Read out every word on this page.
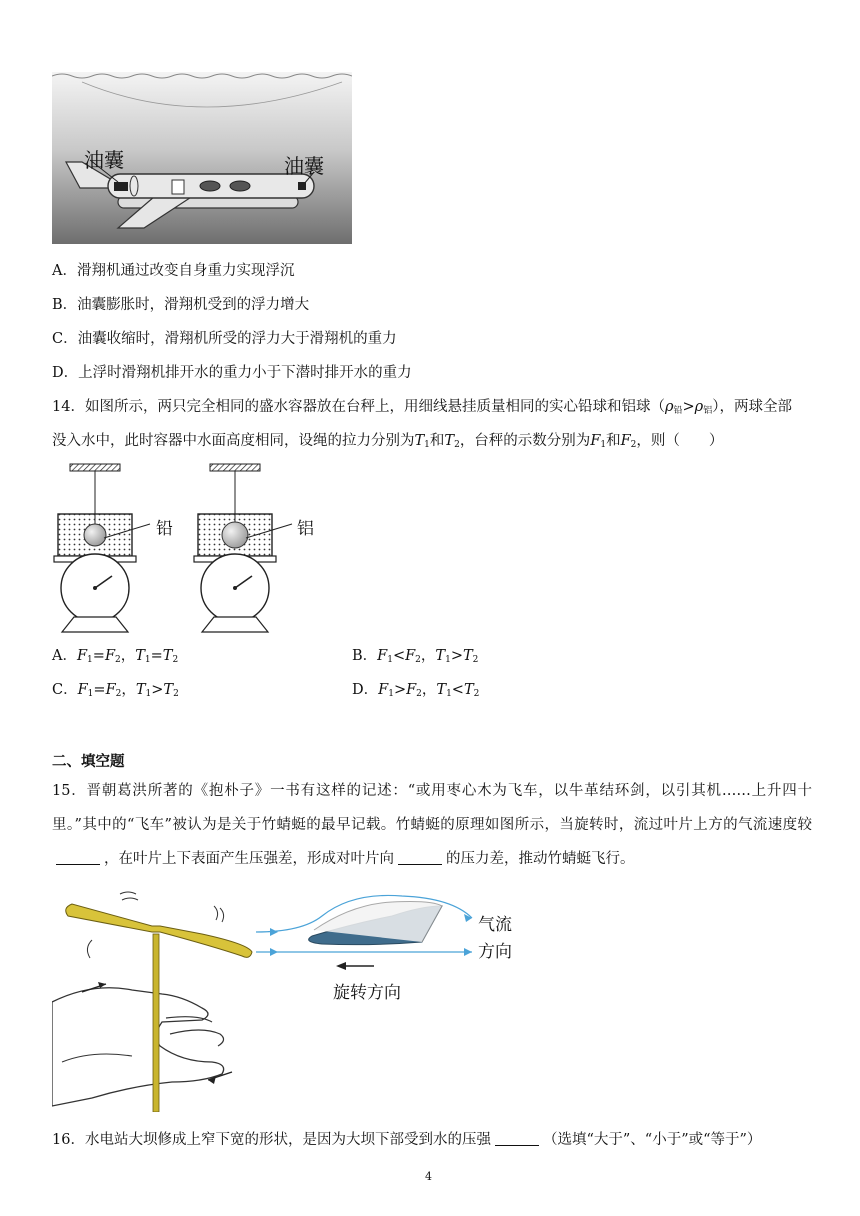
油囊	油囊
A．滑翔机通过改变自身重力实现浮沉
B．油囊膨胀时，滑翔机受到的浮力增大
C．油囊收缩时，滑翔机所受的浮力大于滑翔机的重力
D．上浮时滑翔机排开水的重力小于下潜时排开水的重力
14．如图所示，两只完全相同的盛水容器放在台秤上，用细线悬挂质量相同的实心铅球和铝球$(\rho_铅>\rho_铝)$，两球全部
没入水中，此时容器中水面高度相同，设绳的拉力分别为$T_1$和$T_2$，台秤的示数分别为$F_1$和$F_2$，则（　　）
铅	铝
A．$F_1=F_2$，$T_1=T_2$	B．$F_1<F_2$，$T_1>T_2$
C．$F_1=F_2$，$T_1>T_2$	D．$F_1>F_2$，$T_1<T_2$
二、填空题
15．晋朝葛洪所著的《抱朴子》一书有这样的记述：“或用枣心木为飞车，以牛革结环剑，以引其机……上升四十里。”其中的“飞车”被认为是关于竹蜻蜓的最早记载。竹蜻蜓的原理如图所示，当旋转时，流过叶片上方的气流速度较，在叶片上下表面产生压强差，形成对叶片向	的压力差，推动竹蜻蜓飞行。
气流
方向
旋转方向
16．水电站大坝修成上窄下宽的形状，是因为大坝下部受到水的压强	（选填“大于”、“小于”或“等于”）
4
